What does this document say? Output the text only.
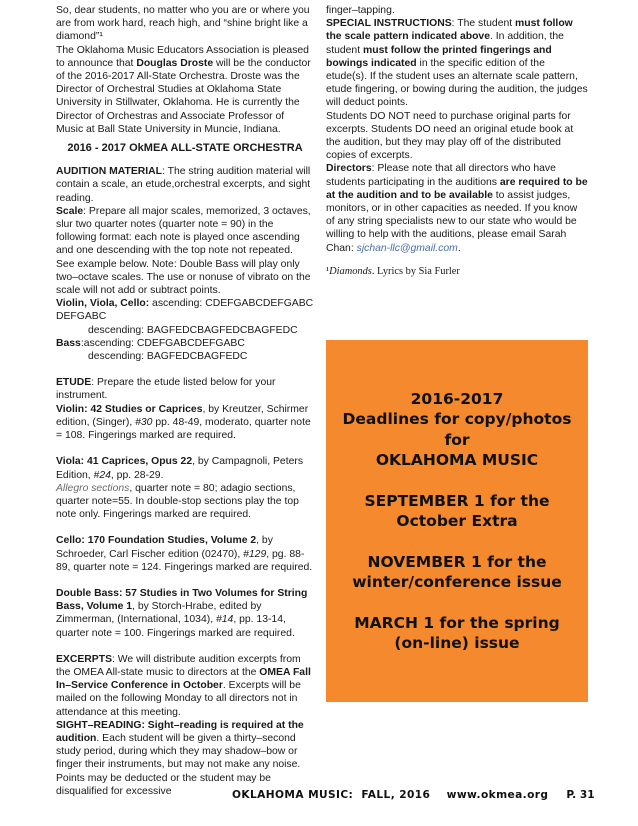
So, dear students, no matter who you are or where you are from work hard, reach high, and “shine bright like a diamond”¹

The Oklahoma Music Educators Association is pleased to announce that Douglas Droste will be the conductor of the 2016-2017 All-State Orchestra. Droste was the Director of Orchestral Studies at Oklahoma State University in Stillwater, Oklahoma. He is currently the Director of Orchestras and Associate Professor of Music at Ball State University in Muncie, Indiana.

2016 - 2017 OkMEA ALL-STATE ORCHESTRA

AUDITION MATERIAL: The string audition material will contain a scale, an etude,orchestral excerpts, and sight reading.

Scale: Prepare all major scales, memorized, 3 octaves, slur two quarter notes (quarter note = 90) in the following format: each note is played once ascending and one descending with the top note not repeated. See example below. Note: Double Bass will play only two–octave scales. The use or nonuse of vibrato on the scale will not add or subtract points.

Violin, Viola, Cello: ascending: CDEFGABCDEFGABCDEFGABC

descending: BAGFEDCBAGFEDCBAGFEDC

Bass:ascending: CDEFGABCDEFGABC

descending: BAGFEDCBAGFEDC

ETUDE: Prepare the etude listed below for your instrument.

Violin: 42 Studies or Caprices, by Kreutzer, Schirmer edition, (Singer), #30 pp. 48-49, moderato, quarter note = 108. Fingerings marked are required.

Viola: 41 Caprices, Opus 22, by Campagnoli, Peters Edition, #24, pp. 28-29.
Allegro sections, quarter note = 80; adagio sections, quarter note=55. In double-stop sections play the top note only. Fingerings marked are required.

Cello: 170 Foundation Studies, Volume 2, by Schroeder, Carl Fischer edition (02470), #129, pg. 88-89, quarter note = 124. Fingerings marked are required.

Double Bass: 57 Studies in Two Volumes for String Bass, Volume 1, by Storch-Hrabe, edited by Zimmerman, (International, 1034), #14, pp. 13-14, quarter note = 100. Fingerings marked are required.

EXCERPTS: We will distribute audition excerpts from the OMEA All-state music to directors at the OMEA Fall In–Service Conference in October. Excerpts will be mailed on the following Monday to all directors not in attendance at this meeting.

SIGHT–READING: Sight–reading is required at the audition. Each student will be given a thirty–second study period, during which they may shadow–bow or finger their instruments, but may not make any noise. Points may be deducted or the student may be disqualified for excessive

finger–tapping.

SPECIAL INSTRUCTIONS: The student must follow the scale pattern indicated above. In addition, the student must follow the printed fingerings and bowings indicated in the specific edition of the etude(s). If the student uses an alternate scale pattern, etude fingering, or bowing during the audition, the judges will deduct points.

Students DO NOT need to purchase original parts for excerpts. Students DO need an original etude book at the audition, but they may play off of the distributed copies of excerpts.

Directors: Please note that all directors who have students participating in the auditions are required to be at the audition and to be available to assist judges, monitors, or in other capacities as needed. If you know of any string specialists new to our state who would be willing to help with the auditions, please email Sarah Chan: sjchan-llc@gmail.com.

¹Diamonds. Lyrics by Sia Furler

2016-2017

Deadlines for copy/photos

for

OKLAHOMA MUSIC

SEPTEMBER 1 for the

October Extra

NOVEMBER 1 for the

winter/conference issue

MARCH 1 for the spring

(on-line) issue

OKLAHOMA MUSIC:  FALL, 2016    www.okmea.org P. 31
